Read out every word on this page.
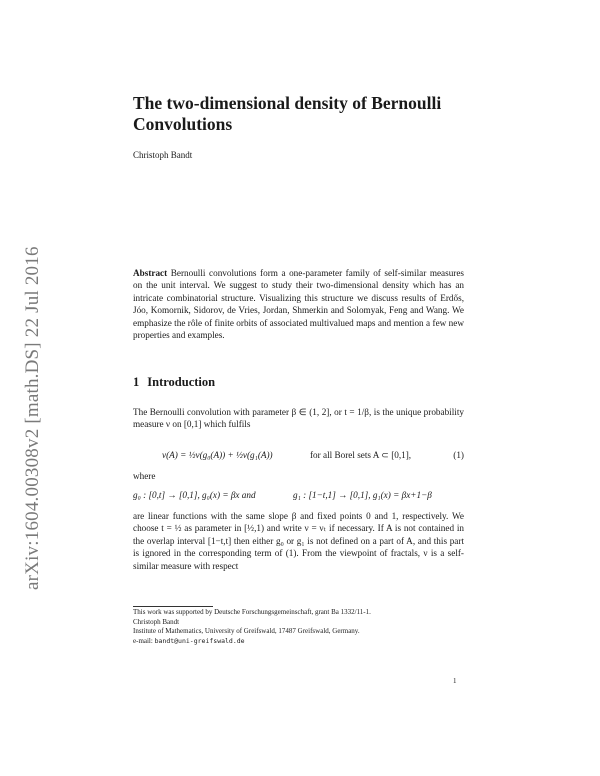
arXiv:1604.00308v2 [math.DS] 22 Jul 2016
The two-dimensional density of Bernoulli Convolutions
Christoph Bandt

Abstract Bernoulli convolutions form a one-parameter family of self-similar measures on the unit interval. We suggest to study their two-dimensional density which has an intricate combinatorial structure. Visualizing this structure we discuss results of Erdős, Jóo, Komornik, Sidorov, de Vries, Jordan, Shmerkin and Solomyak, Feng and Wang. We emphasize the rôle of finite orbits of associated multivalued maps and mention a few new properties and examples.

1 Introduction

The Bernoulli convolution with parameter β ∈ (1, 2], or t = 1/β, is the unique probability measure ν on [0,1] which fulfils

ν(A) = ½ν(g₀(A)) + ½ν(g₁(A))	for all Borel sets A ⊂ [0,1],	(1)

where

g₀ : [0,t] → [0,1], g₀(x) = βx and	g₁ : [1−t,1] → [0,1], g₁(x) = βx+1−β

are linear functions with the same slope β and fixed points 0 and 1, respectively. We choose t = ½ as parameter in [½,1) and write ν = νₜ if necessary. If A is not contained in the overlap interval [1−t,t] then either g₀ or g₁ is not defined on a part of A, and this part is ignored in the corresponding term of (1). From the viewpoint of fractals, ν is a self-similar measure with respect

This work was supported by Deutsche Forschungsgemeinschaft, grant Ba 1332/11-1.
Christoph Bandt
Institute of Mathematics, University of Greifswald, 17487 Greifswald, Germany.
e-mail: bandt@uni-greifswald.de
1
